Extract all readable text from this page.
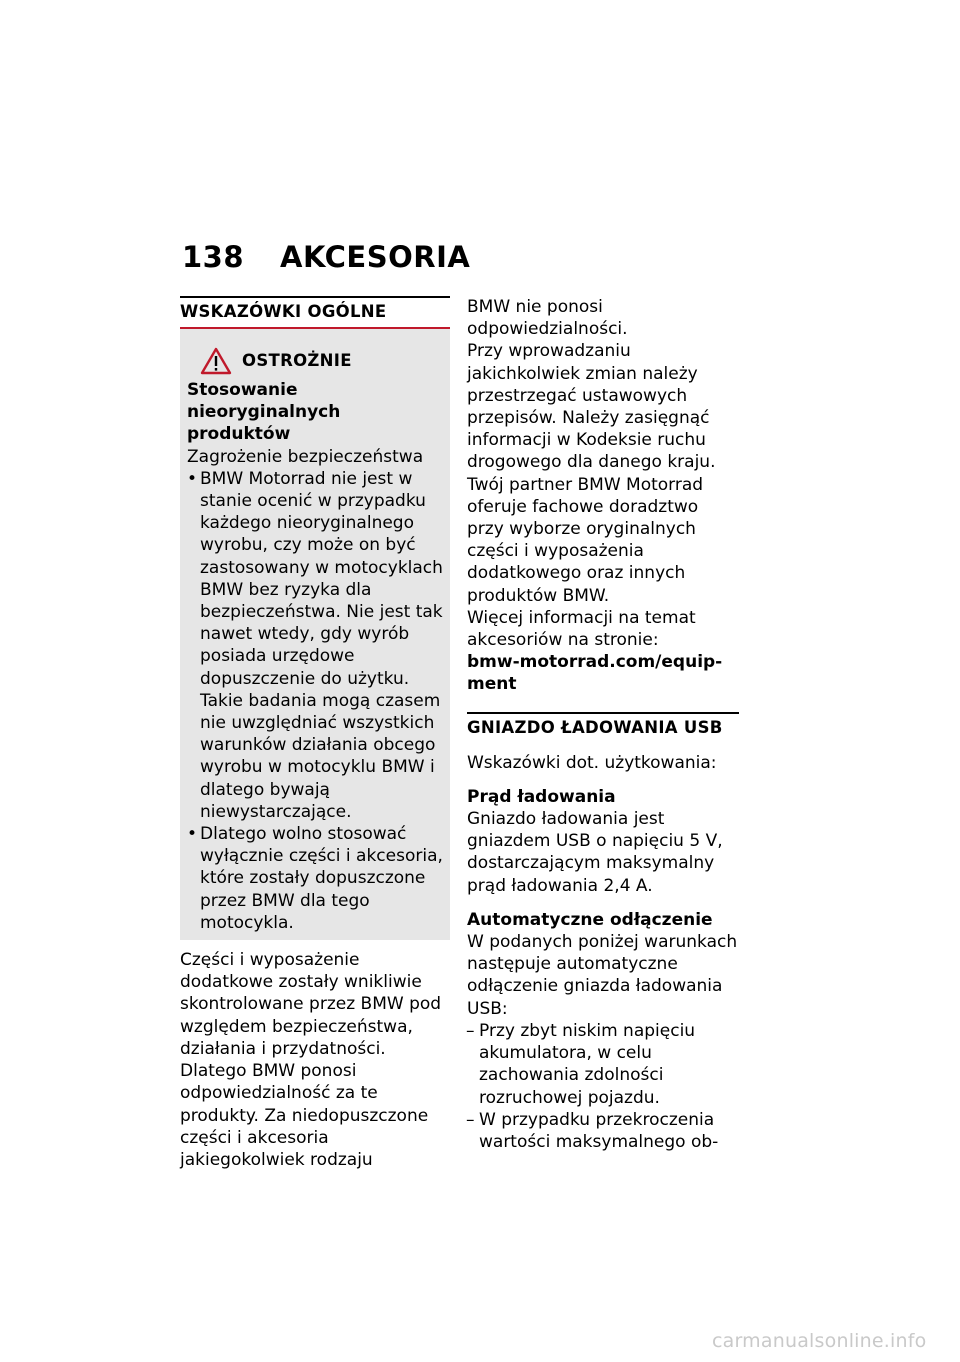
138 AKCESORIA
WSKAZÓWKI OGÓLNE
OSTROŻNIE

Stosowanie nieoryginalnych

produktów

Zagrożenie bezpieczeństwa

• BMW Motorrad nie jest w stanie ocenić w przypadku każdego nieoryginalnego wyrobu, czy może on być zastosowany w motocyklach BMW bez ryzyka dla bezpieczeństwa. Nie jest tak nawet wtedy, gdy wyrób posiada urzędowe dopuszczenie do użytku. Takie badania mogą czasem nie uwzględniać wszystkich warunków działania obcego wyrobu w motocyklu BMW i dlatego bywają niewystarczające.
• Dlatego wolno stosować wyłącznie części i akcesoria, które zostały dopuszczone przez BMW dla tego motocykla.

Części i wyposażenie dodatkowe zostały wnikliwie skontrolowane przez BMW pod względem bezpieczeństwa, działania i przydatności. Dlatego BMW ponosi odpowiedzialność za te produkty. Za niedopuszczone części i akcesoria jakiegokolwiek rodzaju

BMW nie ponosi odpowiedzialności.

Przy wprowadzaniu jakichkolwiek zmian należy przestrzegać ustawowych przepisów. Należy zasięgnąć informacji w Kodeksie ruchu drogowego dla danego kraju.

Twój partner BMW Motorrad oferuje fachowe doradztwo przy wyborze oryginalnych części i wyposażenia dodatkowego oraz innych produktów BMW.

Więcej informacji na temat akcesoriów na stronie:

bmw-motorrad.com/equip-

ment

GNIAZDO ŁADOWANIA USB

Wskazówki dot. użytkowania:

Prąd ładowania

Gniazdo ładowania jest gniazdem USB o napięciu 5 V, dostarczającym maksymalny prąd ładowania 2,4 A.

Automatyczne odłączenie

W podanych poniżej warunkach następuje automatyczne odłączenie gniazda ładowania USB:

– Przy zbyt niskim napięciu akumulatora, w celu zachowania zdolności rozruchowej pojazdu.
– W przypadku przekroczenia wartości maksymalnego ob-
carmanualsonline.info
